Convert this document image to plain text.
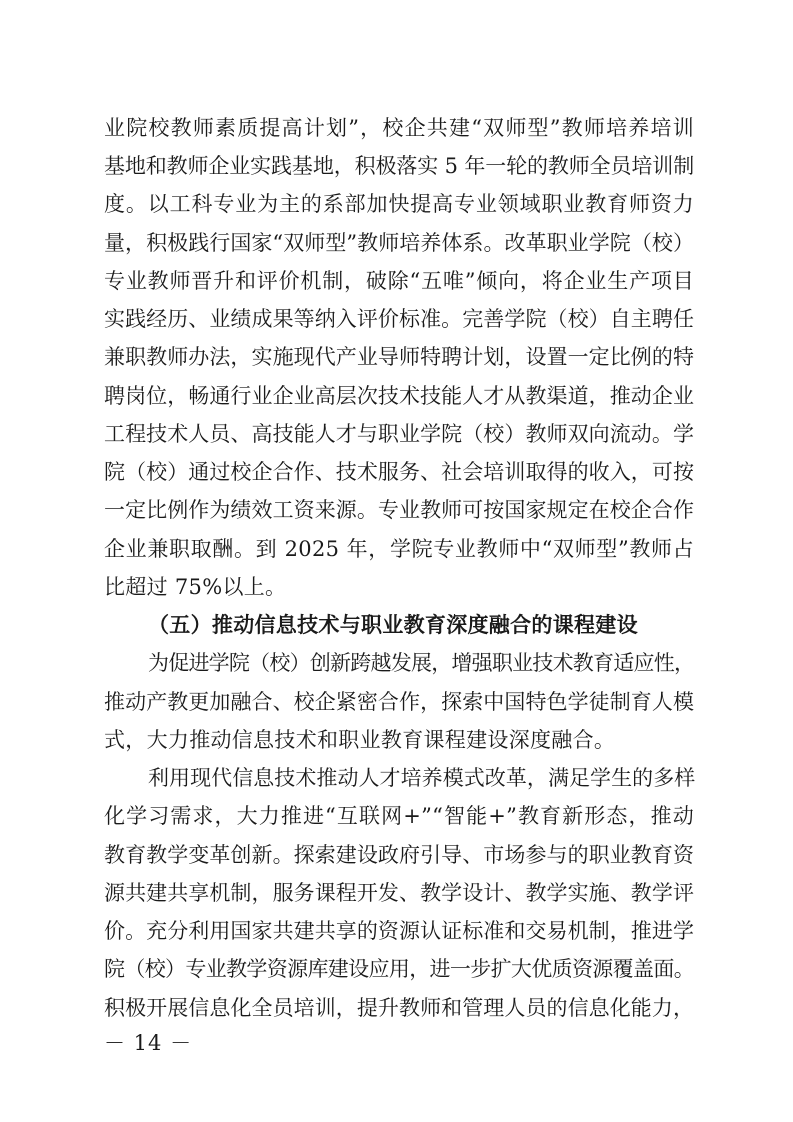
业院校教师素质提高计划”，校企共建“双师型”教师培养培训
基地和教师企业实践基地，积极落实 5 年一轮的教师全员培训制
度。以工科专业为主的系部加快提高专业领域职业教育师资力
量，积极践行国家“双师型”教师培养体系。改革职业学院（校）
专业教师晋升和评价机制，破除“五唯”倾向，将企业生产项目
实践经历、业绩成果等纳入评价标准。完善学院（校）自主聘任
兼职教师办法，实施现代产业导师特聘计划，设置一定比例的特
聘岗位，畅通行业企业高层次技术技能人才从教渠道，推动企业
工程技术人员、高技能人才与职业学院（校）教师双向流动。学
院（校）通过校企合作、技术服务、社会培训取得的收入，可按
一定比例作为绩效工资来源。专业教师可按国家规定在校企合作
企业兼职取酬。到 2025 年，学院专业教师中“双师型”教师占
比超过 75%以上。
（五）推动信息技术与职业教育深度融合的课程建设
为促进学院（校）创新跨越发展，增强职业技术教育适应性，
推动产教更加融合、校企紧密合作，探索中国特色学徒制育人模
式，大力推动信息技术和职业教育课程建设深度融合。
利用现代信息技术推动人才培养模式改革，满足学生的多样
化学习需求，大力推进“互联网+”“智能+”教育新形态，推动
教育教学变革创新。探索建设政府引导、市场参与的职业教育资
源共建共享机制，服务课程开发、教学设计、教学实施、教学评
价。充分利用国家共建共享的资源认证标准和交易机制，推进学
院（校）专业教学资源库建设应用，进一步扩大优质资源覆盖面。
积极开展信息化全员培训，提升教师和管理人员的信息化能力，
－ 14 －
